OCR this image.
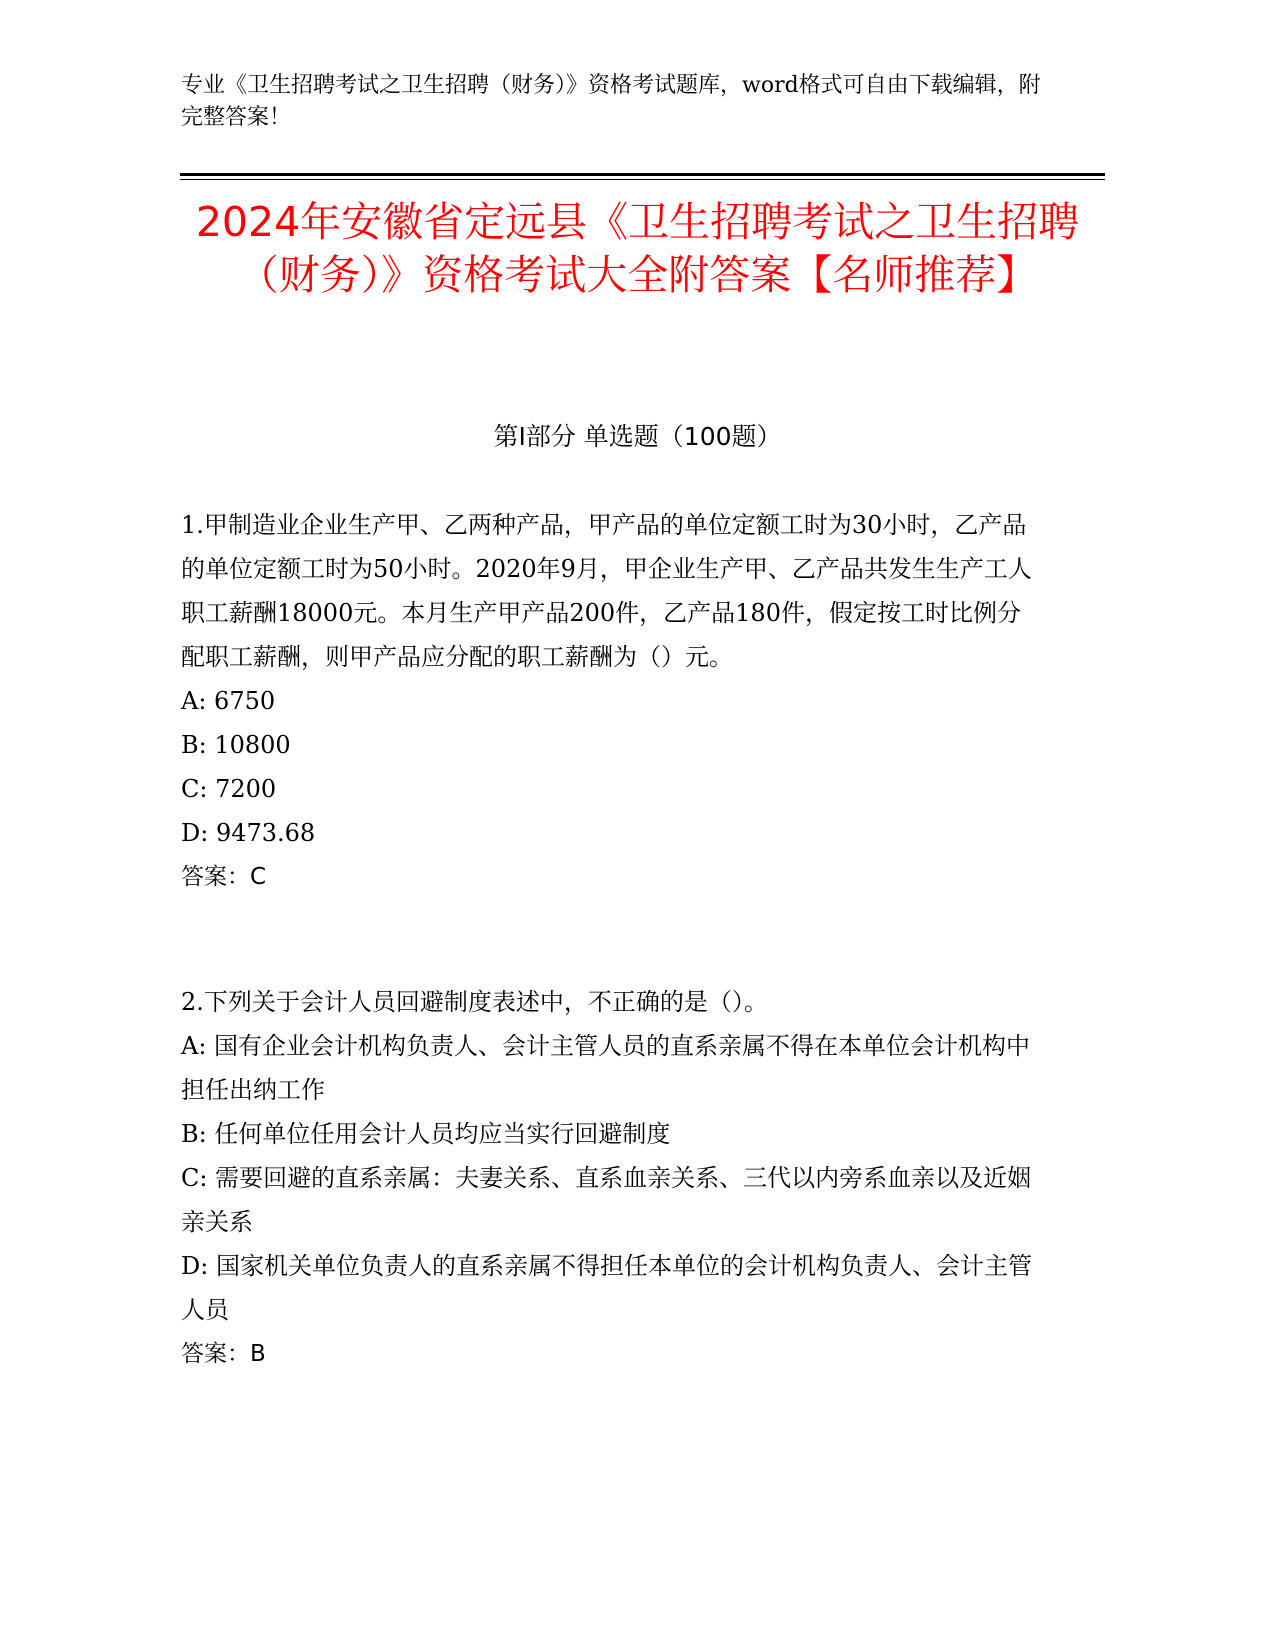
专业《卫生招聘考试之卫生招聘（财务）》资格考试题库，word格式可自由下载编辑，附完整答案！
2024年安徽省定远县《卫生招聘考试之卫生招聘（财务）》资格考试大全附答案【名师推荐】
第Ⅰ部分 单选题（100题）
1.甲制造业企业生产甲、乙两种产品，甲产品的单位定额工时为30小时，乙产品的单位定额工时为50小时。2020年9月，甲企业生产甲、乙产品共发生生产工人职工薪酬18000元。本月生产甲产品200件，乙产品180件，假定按工时比例分配职工薪酬，则甲产品应分配的职工薪酬为（）元。
A: 6750
B: 10800
C: 7200
D: 9473.68
答案：C
2.下列关于会计人员回避制度表述中，不正确的是（）。
A: 国有企业会计机构负责人、会计主管人员的直系亲属不得在本单位会计机构中担任出纳工作
B: 任何单位任用会计人员均应当实行回避制度
C: 需要回避的直系亲属：夫妻关系、直系血亲关系、三代以内旁系血亲以及近姻亲关系
D: 国家机关单位负责人的直系亲属不得担任本单位的会计机构负责人、会计主管人员
答案：B
